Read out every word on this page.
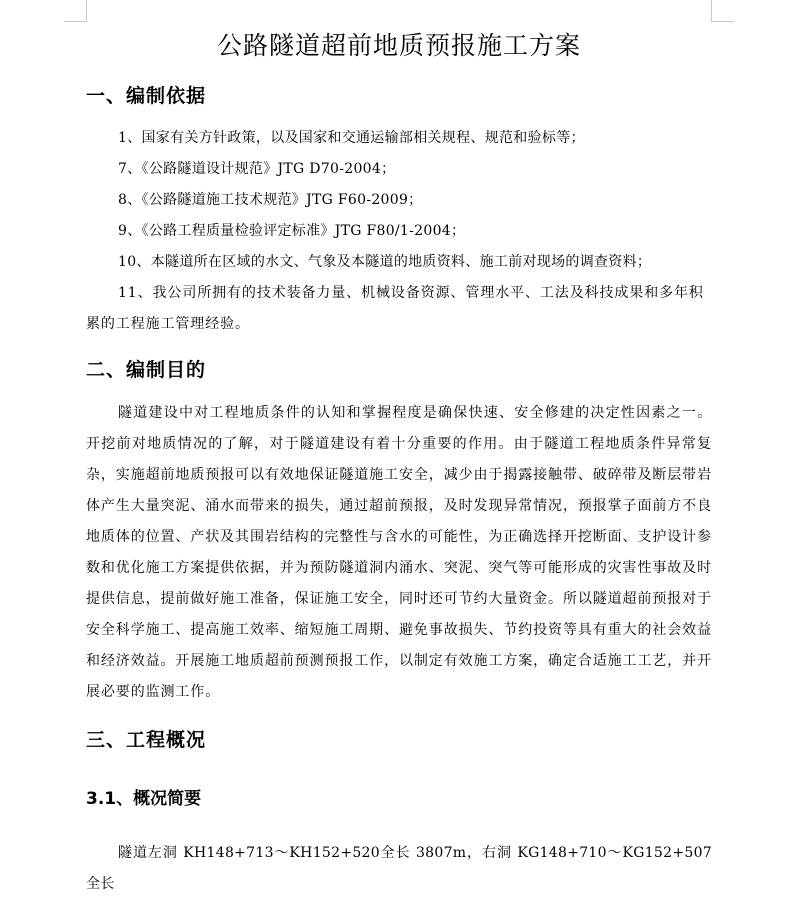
公路隧道超前地质预报施工方案
一、编制依据
1、国家有关方针政策，以及国家和交通运输部相关规程、规范和验标等；
7、《公路隧道设计规范》JTG D70-2004；
8、《公路隧道施工技术规范》JTG F60-2009；
9、《公路工程质量检验评定标准》JTG F80/1-2004；
10、本隧道所在区域的水文、气象及本隧道的地质资料、施工前对现场的调查资料；
11、我公司所拥有的技术装备力量、机械设备资源、管理水平、工法及科技成果和多年积累的工程施工管理经验。
二、编制目的

隧道建设中对工程地质条件的认知和掌握程度是确保快速、安全修建的决定性因素之一。开挖前对地质情况的了解，对于隧道建设有着十分重要的作用。由于隧道工程地质条件异常复杂，实施超前地质预报可以有效地保证隧道施工安全，减少由于揭露接触带、破碎带及断层带岩体产生大量突泥、涌水而带来的损失，通过超前预报，及时发现异常情况，预报掌子面前方不良地质体的位置、产状及其围岩结构的完整性与含水的可能性，为正确选择开挖断面、支护设计参数和优化施工方案提供依据，并为预防隧道洞内涌水、突泥、突气等可能形成的灾害性事故及时提供信息，提前做好施工准备，保证施工安全，同时还可节约大量资金。所以隧道超前预报对于安全科学施工、提高施工效率、缩短施工周期、避免事故损失、节约投资等具有重大的社会效益和经济效益。开展施工地质超前预测预报工作，以制定有效施工方案，确定合适施工工艺，并开展必要的监测工作。

三、工程概况
3.1、概况简要

隧道左洞 KH148+713～KH152+520全长 3807m，右洞 KG148+710～KG152+507 全长
